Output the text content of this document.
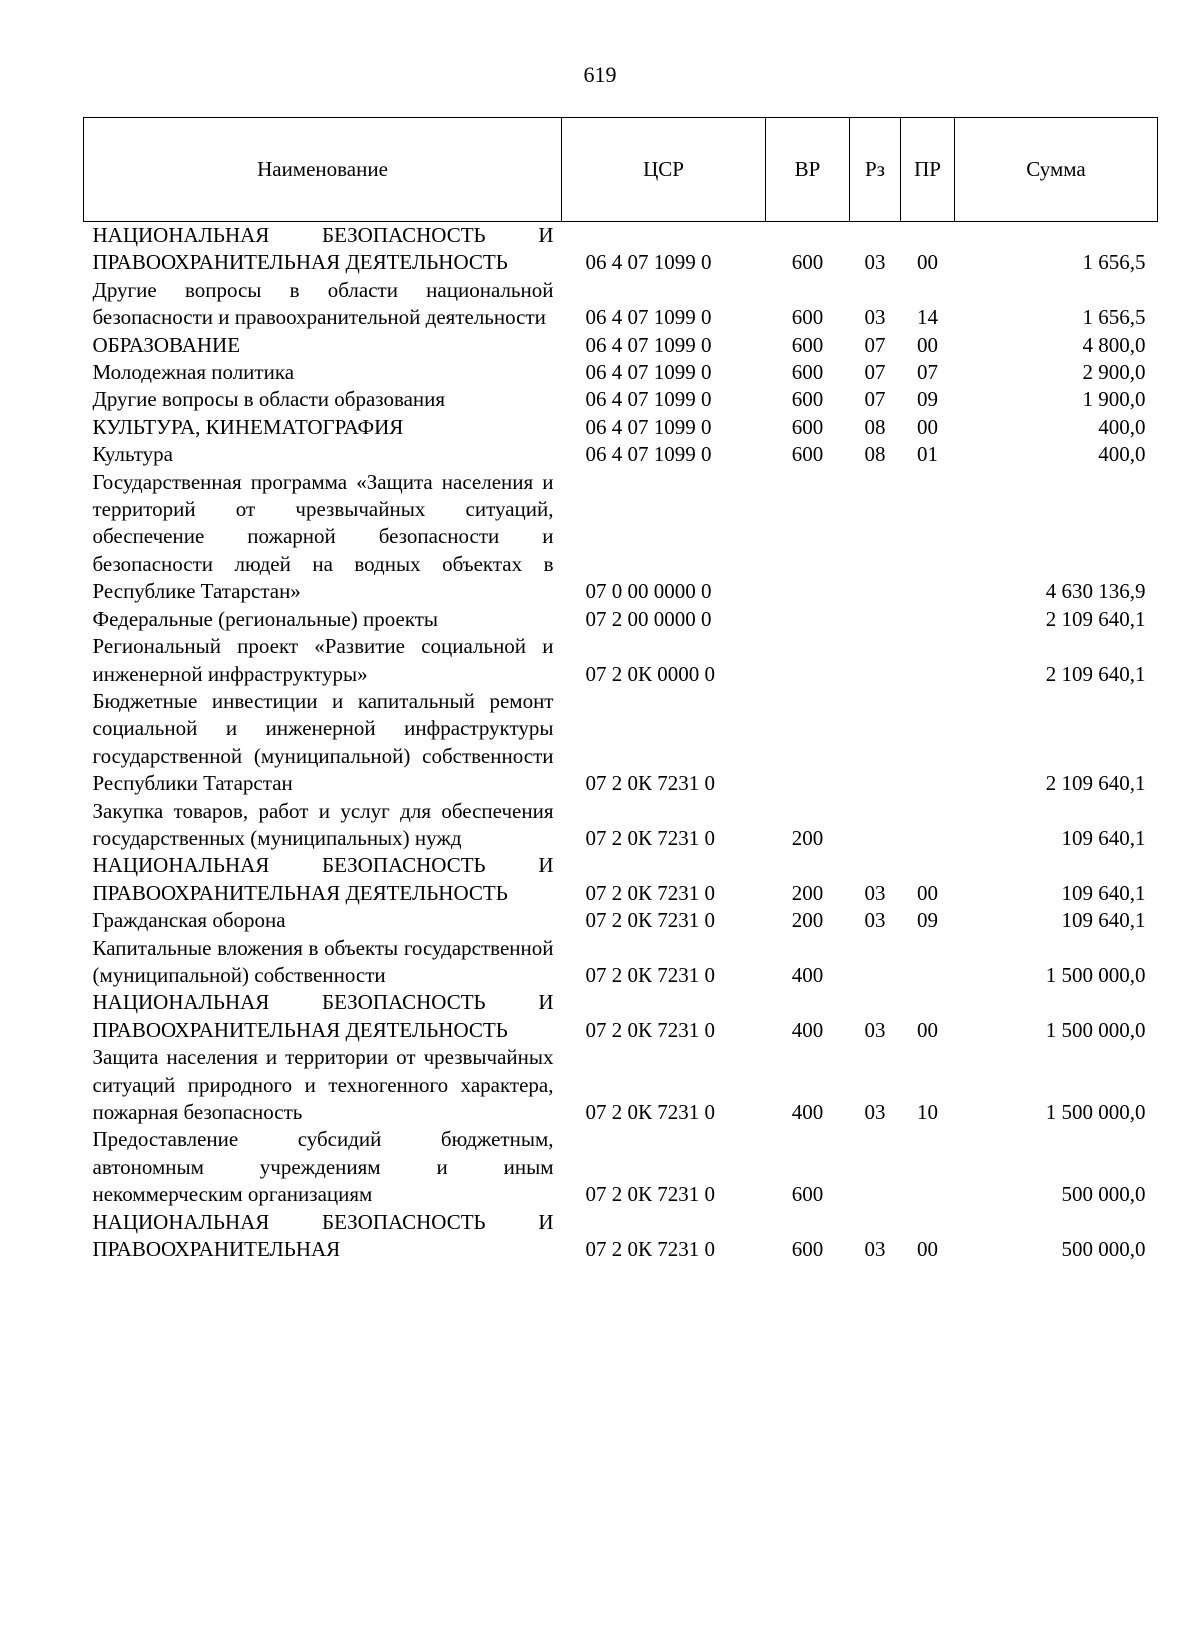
619
Наименование	ЦСР	ВР	Рз	ПР	Сумма
НАЦИОНАЛЬНАЯ БЕЗОПАСНОСТЬ И ПРАВООХРАНИТЕЛЬНАЯ ДЕЯТЕЛЬНОСТЬ	06 4 07 1099 0	600	03	00	1 656,5
Другие вопросы в области национальной безопасности и правоохранительной деятельности	06 4 07 1099 0	600	03	14	1 656,5
ОБРАЗОВАНИЕ	06 4 07 1099 0	600	07	00	4 800,0
Молодежная политика	06 4 07 1099 0	600	07	07	2 900,0
Другие вопросы в области образования	06 4 07 1099 0	600	07	09	1 900,0
КУЛЬТУРА, КИНЕМАТОГРАФИЯ	06 4 07 1099 0	600	08	00	400,0
Культура	06 4 07 1099 0	600	08	01	400,0
Государственная программа «Защита населения и территорий от чрезвычайных ситуаций, обеспечение пожарной безопасности и безопасности людей на водных объектах в Республике Татарстан»	07 0 00 0000 0				4 630 136,9
Федеральные (региональные) проекты	07 2 00 0000 0				2 109 640,1
Региональный проект «Развитие социальной и инженерной инфраструктуры»	07 2 0К 0000 0				2 109 640,1
Бюджетные инвестиции и капитальный ремонт социальной и инженерной инфраструктуры государственной (муниципальной) собственности Республики Татарстан	07 2 0К 7231 0				2 109 640,1
Закупка товаров, работ и услуг для обеспечения государственных (муниципальных) нужд	07 2 0К 7231 0	200			109 640,1
НАЦИОНАЛЬНАЯ БЕЗОПАСНОСТЬ И ПРАВООХРАНИТЕЛЬНАЯ ДЕЯТЕЛЬНОСТЬ	07 2 0К 7231 0	200	03	00	109 640,1
Гражданская оборона	07 2 0К 7231 0	200	03	09	109 640,1
Капитальные вложения в объекты государственной (муниципальной) собственности	07 2 0К 7231 0	400			1 500 000,0
НАЦИОНАЛЬНАЯ БЕЗОПАСНОСТЬ И ПРАВООХРАНИТЕЛЬНАЯ ДЕЯТЕЛЬНОСТЬ	07 2 0К 7231 0	400	03	00	1 500 000,0
Защита населения и территории от чрезвычайных ситуаций природного и техногенного характера, пожарная безопасность	07 2 0К 7231 0	400	03	10	1 500 000,0
Предоставление субсидий бюджетным, автономным учреждениям и иным некоммерческим организациям	07 2 0К 7231 0	600			500 000,0
НАЦИОНАЛЬНАЯ БЕЗОПАСНОСТЬ И ПРАВООХРАНИТЕЛЬНАЯ	07 2 0К 7231 0	600	03	00	500 000,0
